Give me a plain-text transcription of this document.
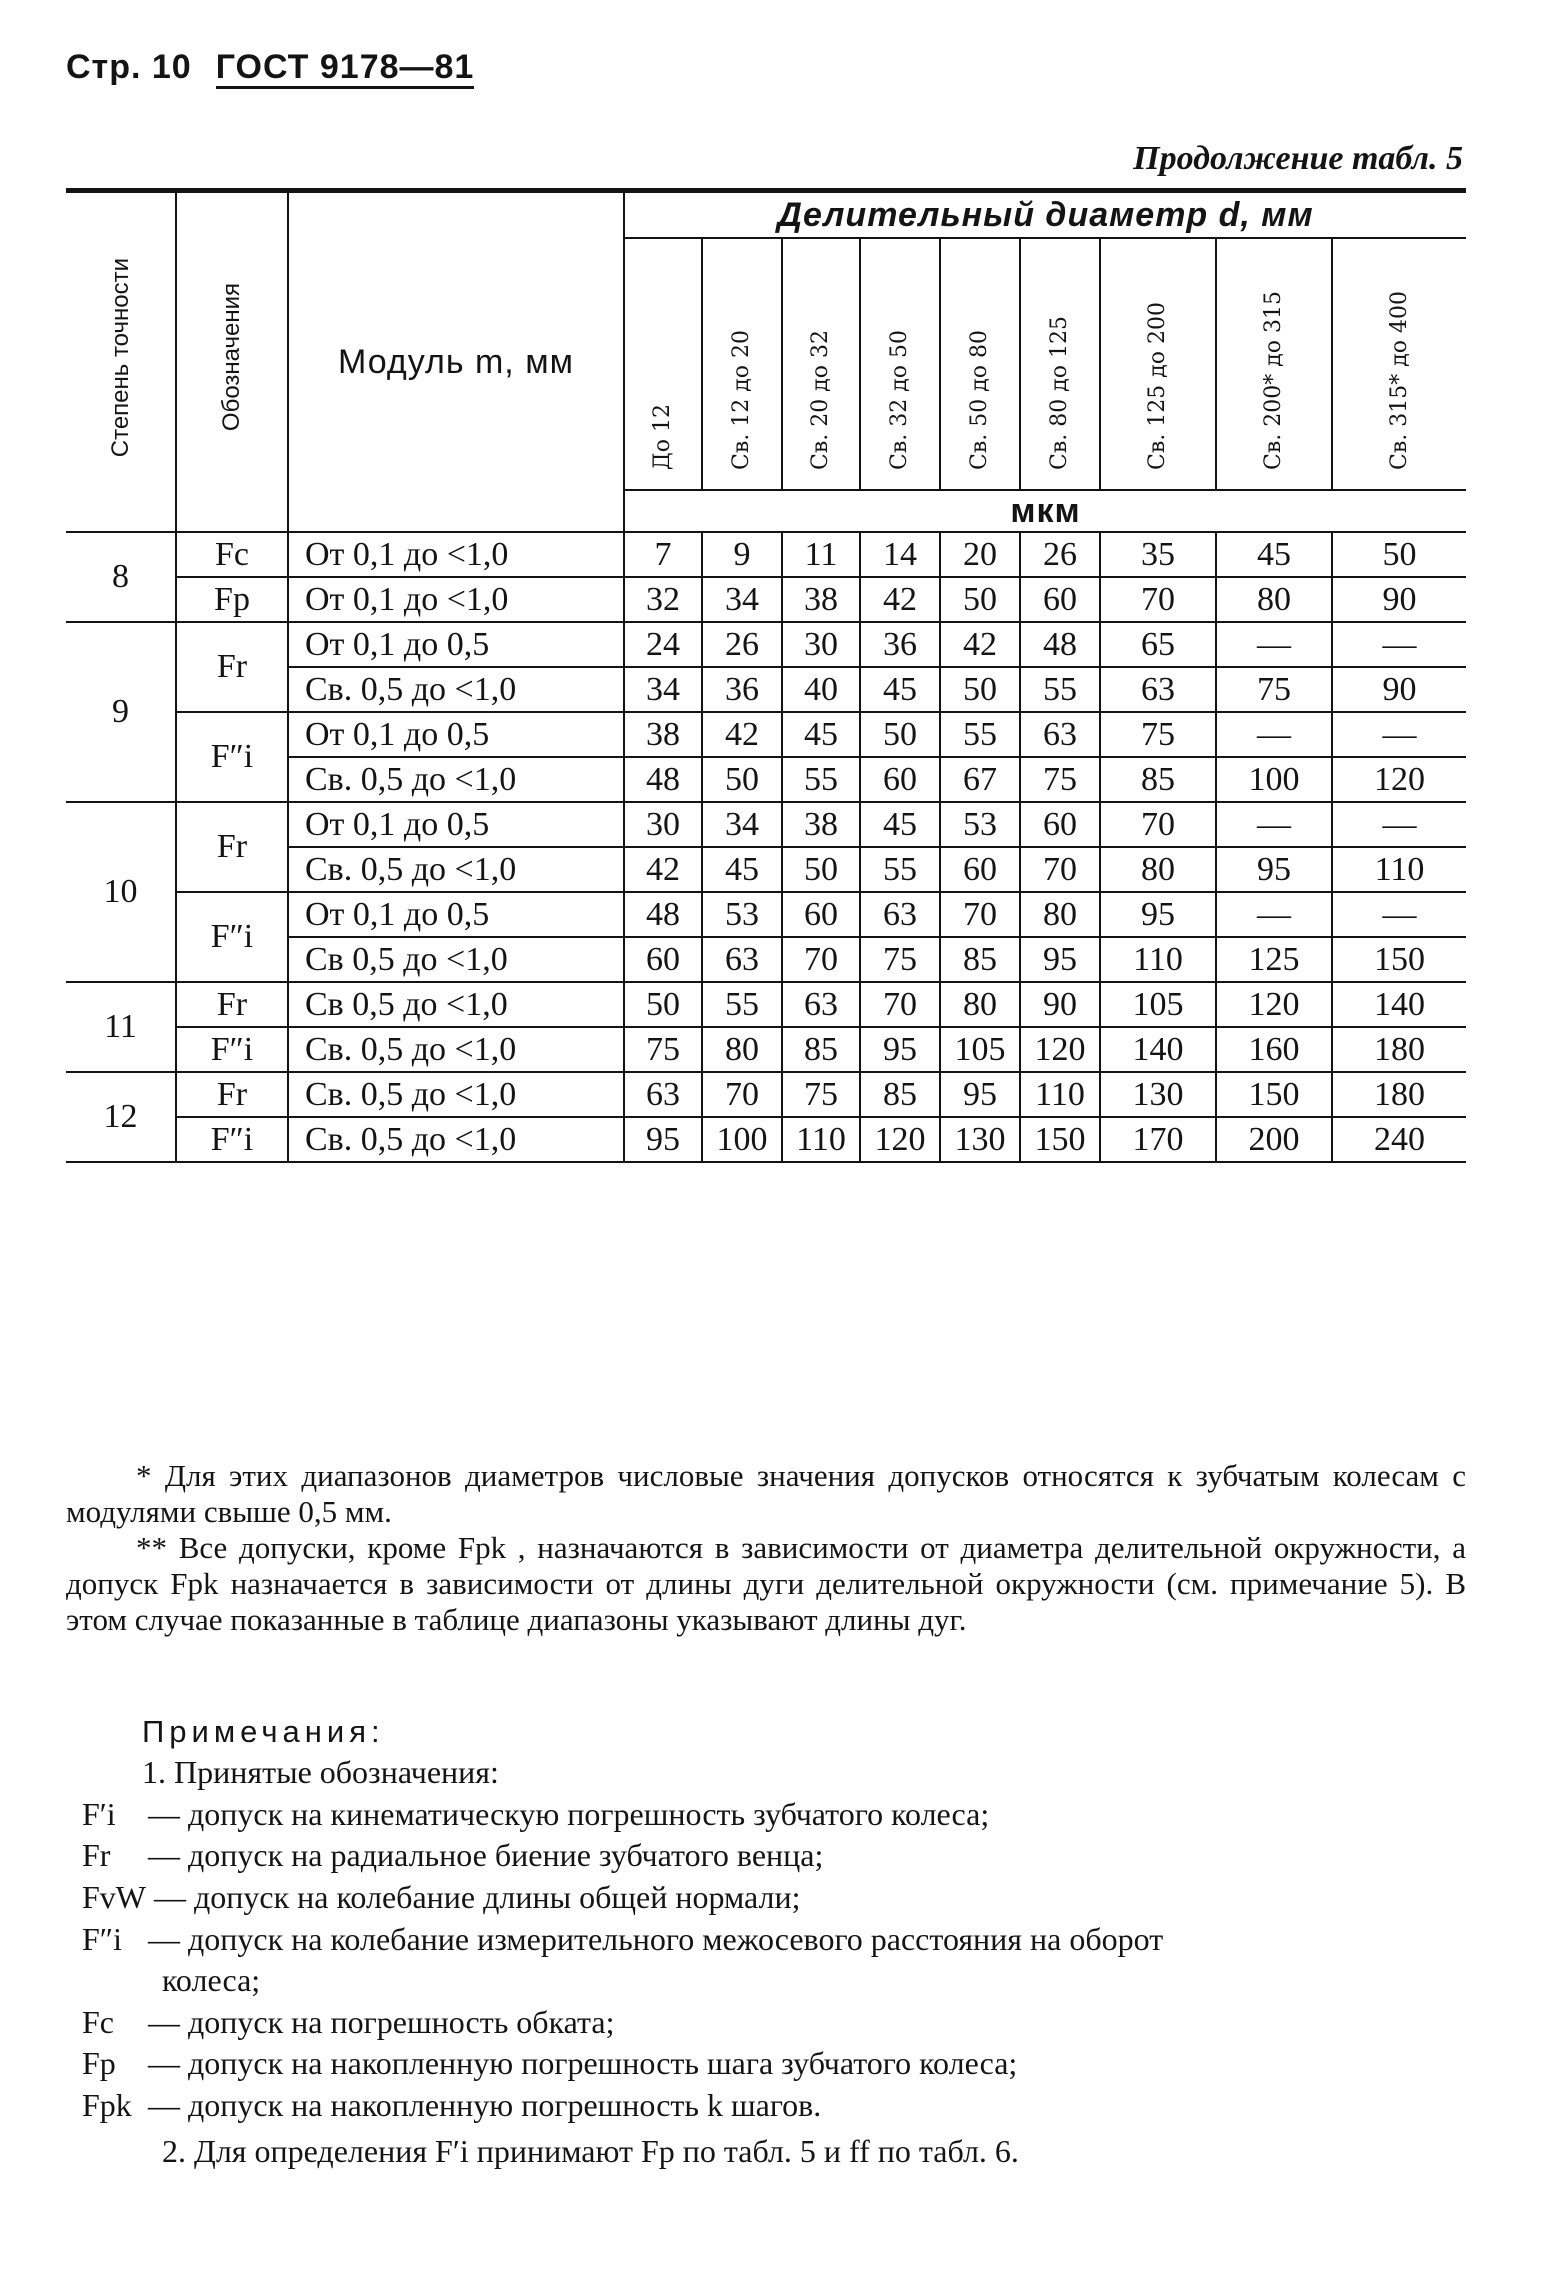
Стр. 10 ГОСТ 9178—81
Продолжение табл. 5
Степень точности	Обозначения	Модуль m, мм	Делительный диаметр d, мм								
			До 12	Св. 12 до 20	Св. 20 до 32	Св. 32 до 50	Св. 50 до 80	Св. 80 до 125	Св. 125 до 200	Св. 200* до 315	Св. 315* до 400
			мкм								
8	Fc	От 0,1 до <1,0	7	9	11	14	20	26	35	45	50
	Fp	От 0,1 до <1,0	32	34	38	42	50	60	70	80	90
9	Fr	От 0,1 до 0,5	24	26	30	36	42	48	65	—	—
		Св. 0,5 до <1,0	34	36	40	45	50	55	63	75	90
	F″i	От 0,1 до 0,5	38	42	45	50	55	63	75	—	—
		Св. 0,5 до <1,0	48	50	55	60	67	75	85	100	120
10	Fr	От 0,1 до 0,5	30	34	38	45	53	60	70	—	—
		Св. 0,5 до <1,0	42	45	50	55	60	70	80	95	110
	F″i	От 0,1 до 0,5	48	53	60	63	70	80	95	—	—
		Св 0,5 до <1,0	60	63	70	75	85	95	110	125	150
11	Fr	Св 0,5 до <1,0	50	55	63	70	80	90	105	120	140
	F″i	Св. 0,5 до <1,0	75	80	85	95	105	120	140	160	180
12	Fr	Св. 0,5 до <1,0	63	70	75	85	95	110	130	150	180
	F″i	Св. 0,5 до <1,0	95	100	110	120	130	150	170	200	240
* Для этих диапазонов диаметров числовые значения допусков относятся к зубчатым колесам с модулями свыше 0,5 мм.
** Все допуски, кроме Fpk , назначаются в зависимости от диаметра делительной окружности, а допуск Fpk назначается в зависимости от длины дуги делительной окружности (см. примечание 5). В этом случае показанные в таблице диапазоны указывают длины дуг.
Примечания:
1. Принятые обозначения:
F′i — допуск на кинематическую погрешность зубчатого колеса;
Fr — допуск на радиальное биение зубчатого венца;
FvW — допуск на колебание длины общей нормали;
F″i — допуск на колебание измерительного межосевого расстояния на оборот
колеса;
Fc — допуск на погрешность обката;
Fp — допуск на накопленную погрешность шага зубчатого колеса;
Fpk — допуск на накопленную погрешность k шагов.
2. Для определения F′i принимают Fp по табл. 5 и ff по табл. 6.
